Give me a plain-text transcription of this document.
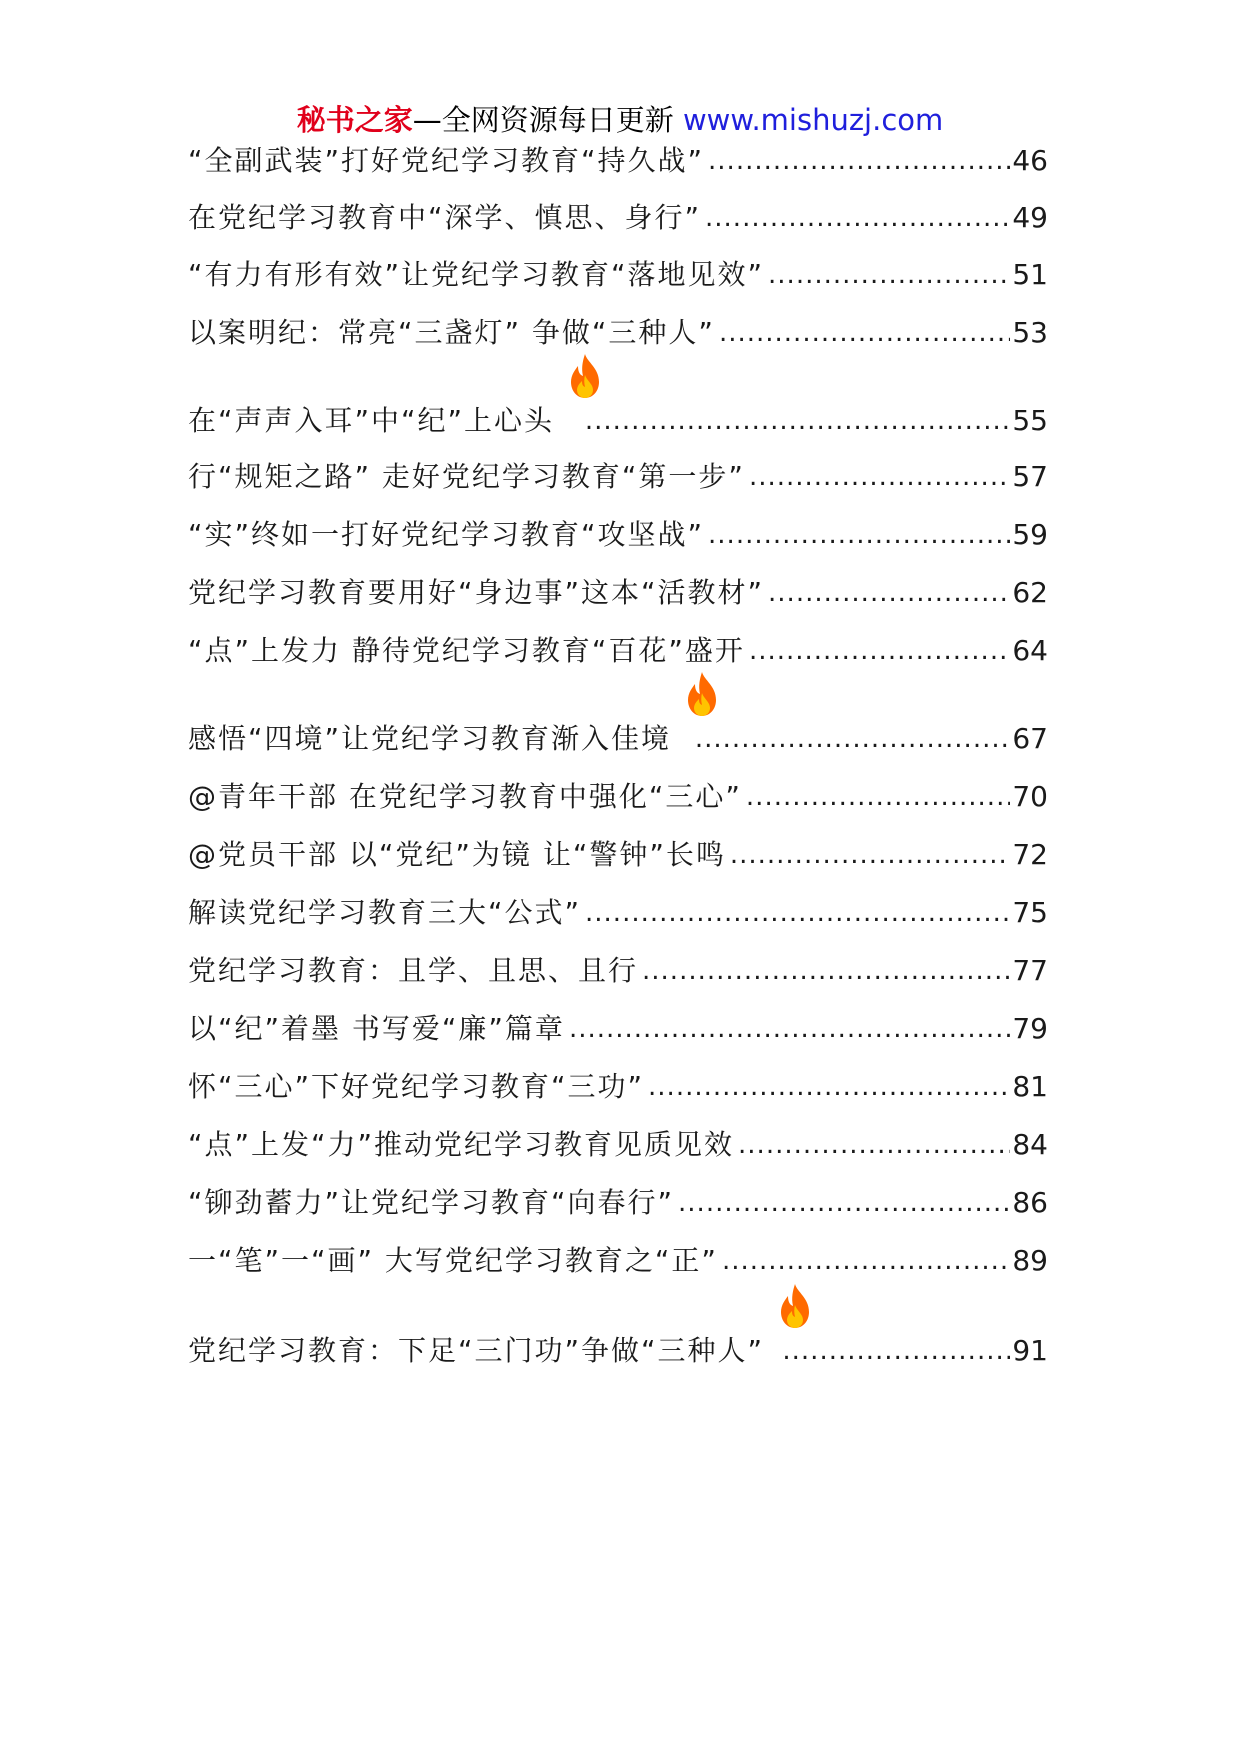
秘书之家—全网资源每日更新 www.mishuzj.com
“全副武装”打好党纪学习教育“持久战” .....	46
在党纪学习教育中“深学、慎思、身行” .....	49
“有力有形有效”让党纪学习教育“落地见效” .....	51
以案明纪：常亮“三盏灯” 争做“三种人” .....	53
在“声声入耳”中“纪”上心头 .....	55
行“规矩之路” 走好党纪学习教育“第一步” .....	57
“实”终如一打好党纪学习教育“攻坚战” .....	59
党纪学习教育要用好“身边事”这本“活教材” .....	62
“点”上发力 静待党纪学习教育“百花”盛开 .....	64
感悟“四境”让党纪学习教育渐入佳境 .....	67
@青年干部 在党纪学习教育中强化“三心” .....	70
@党员干部 以“党纪”为镜 让“警钟”长鸣 .....	72
解读党纪学习教育三大“公式” .....	75
党纪学习教育：且学、且思、且行 .....	77
以“纪”着墨 书写爱“廉”篇章 .....	79
怀“三心”下好党纪学习教育“三功” .....	81
“点”上发“力”推动党纪学习教育见质见效 .....	84
“铆劲蓄力”让党纪学习教育“向春行” .....	86
一“笔”一“画” 大写党纪学习教育之“正” .....	89
党纪学习教育：下足“三门功”争做“三种人” .....	91
